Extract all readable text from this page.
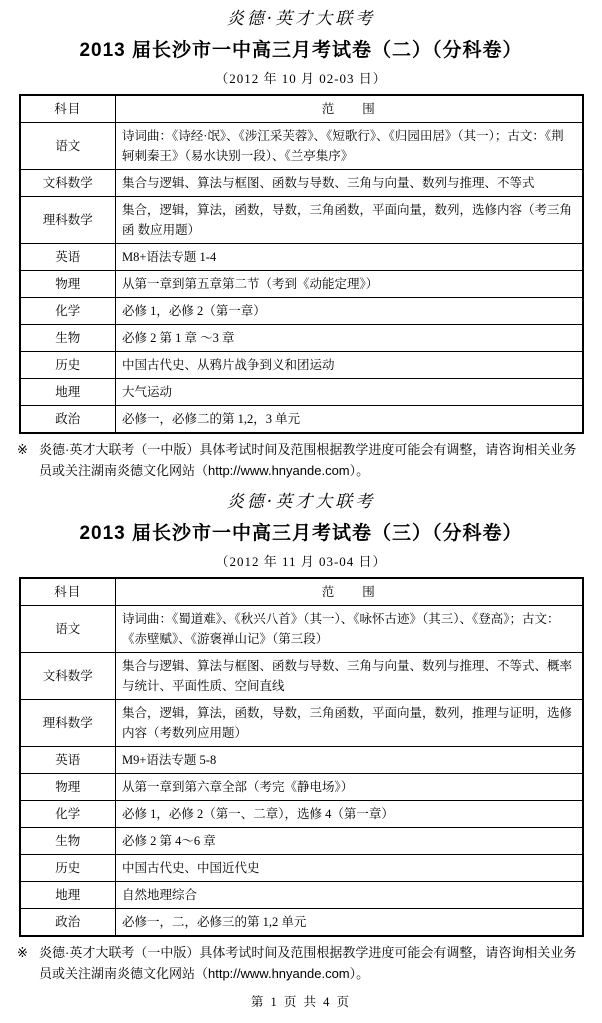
炎德·英才大联考
2013 届长沙市一中高三月考试卷（二）（分科卷）
（2012 年 10 月 02-03 日）
科目	范　　围
语文	诗词曲：《诗经·氓》、《涉江采芙蓉》、《短歌行》、《归园田居》（其一）；古文：《荆轲刺秦王》（易水诀别一段）、《兰亭集序》
文科数学	集合与逻辑、算法与框图、函数与导数、三角与向量、数列与推理、不等式
理科数学	集合，逻辑，算法，函数，导数，三角函数，平面向量，数列，选修内容（考三角函 数应用题）
英语	M8+语法专题 1-4
物理	从第一章到第五章第二节（考到《动能定理》）
化学	必修 1，必修 2（第一章）
生物	必修 2 第 1 章 ～3 章
历史	中国古代史、从鸦片战争到义和团运动
地理	大气运动
政治	必修一，必修二的第 1,2，3 单元
※ 炎德·英才大联考（一中版）具体考试时间及范围根据教学进度可能会有调整，请咨询相关业务员或关注湖南炎德文化网站（http://www.hnyande.com）。
炎德·英才大联考
2013 届长沙市一中高三月考试卷（三）（分科卷）
（2012 年 11 月 03-04 日）
科目	范　　围
语文	诗词曲：《蜀道难》、《秋兴八首》（其一）、《咏怀古迹》（其三）、《登高》；古文：《赤壁赋》、《游褒禅山记》（第三段）
文科数学	集合与逻辑、算法与框图、函数与导数、三角与向量、数列与推理、不等式、概率与统计、平面性质、空间直线
理科数学	集合，逻辑，算法，函数，导数，三角函数，平面向量，数列，推理与证明，选修内容（考数列应用题）
英语	M9+语法专题 5-8
物理	从第一章到第六章全部（考完《静电场》）
化学	必修 1，必修 2（第一、二章），选修 4（第一章）
生物	必修 2 第 4～6 章
历史	中国古代史、中国近代史
地理	自然地理综合
政治	必修一，二，必修三的第 1,2 单元
※ 炎德·英才大联考（一中版）具体考试时间及范围根据教学进度可能会有调整，请咨询相关业务员或关注湖南炎德文化网站（http://www.hnyande.com）。
第 1 页 共 4 页
